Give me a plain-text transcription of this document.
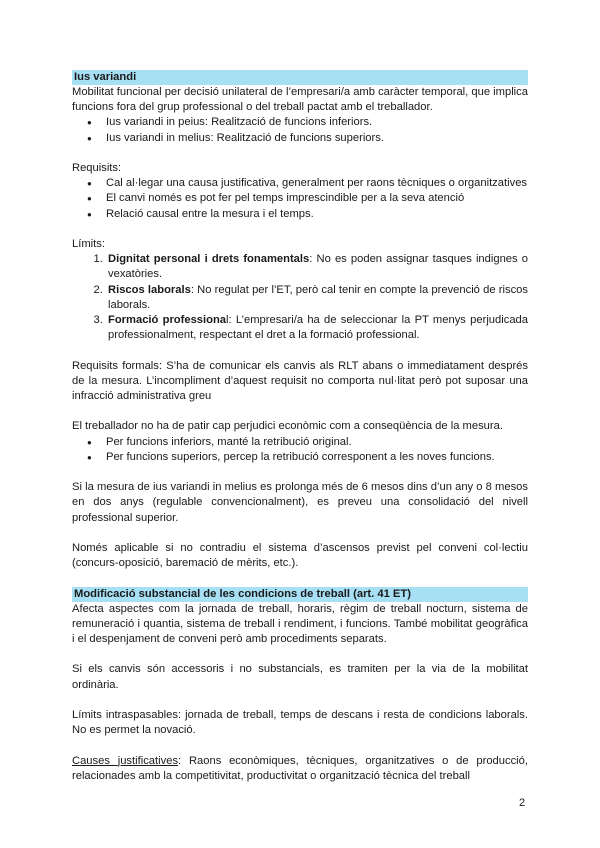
Ius variandi

Mobilitat funcional per decisió unilateral de l’empresari/a amb caràcter temporal, que implica funcions fora del grup professional o del treball pactat amb el treballador.

● Ius variandi in peius: Realització de funcions inferiors.
● Ius variandi in melius: Realització de funcions superiors.

Requisits:

● Cal al·legar una causa justificativa, generalment per raons tècniques o organitzatives
● El canvi només es pot fer pel temps imprescindible per a la seva atenció
● Relació causal entre la mesura i el temps.

Límits:

1. Dignitat personal i drets fonamentals: No es poden assignar tasques indignes o vexatòries.
2. Riscos laborals: No regulat per l’ET, però cal tenir en compte la prevenció de riscos laborals.
3. Formació professional: L’empresari/a ha de seleccionar la PT menys perjudicada professionalment, respectant el dret a la formació professional.

Requisits formals: S’ha de comunicar els canvis als RLT abans o immediatament després de la mesura. L’incompliment d’aquest requisit no comporta nul·litat però pot suposar una infracció administrativa greu

El treballador no ha de patir cap perjudici econòmic com a conseqüència de la mesura.

● Per funcions inferiors, manté la retribució original.
● Per funcions superiors, percep la retribució corresponent a les noves funcions.

Si la mesura de ius variandi in melius es prolonga més de 6 mesos dins d’un any o 8 mesos en dos anys (regulable convencionalment), es preveu una consolidació del nivell professional superior.

Només aplicable si no contradiu el sistema d’ascensos previst pel conveni col·lectiu (concurs-oposició, baremació de mèrits, etc.).

Modificació substancial de les condicions de treball (art. 41 ET)

Afecta aspectes com la jornada de treball, horaris, règim de treball nocturn, sistema de remuneració i quantia, sistema de treball i rendiment, i funcions. També mobilitat geogràfica i el despenjament de conveni però amb procediments separats.

Si els canvis són accessoris i no substancials, es tramiten per la via de la mobilitat ordinària.

Límits intraspasables: jornada de treball, temps de descans i resta de condicions laborals. No es permet la novació.

Causes justificatives: Raons econòmiques, tècniques, organitzatives o de producció, relacionades amb la competitivitat, productivitat o organització tècnica del treball

2
